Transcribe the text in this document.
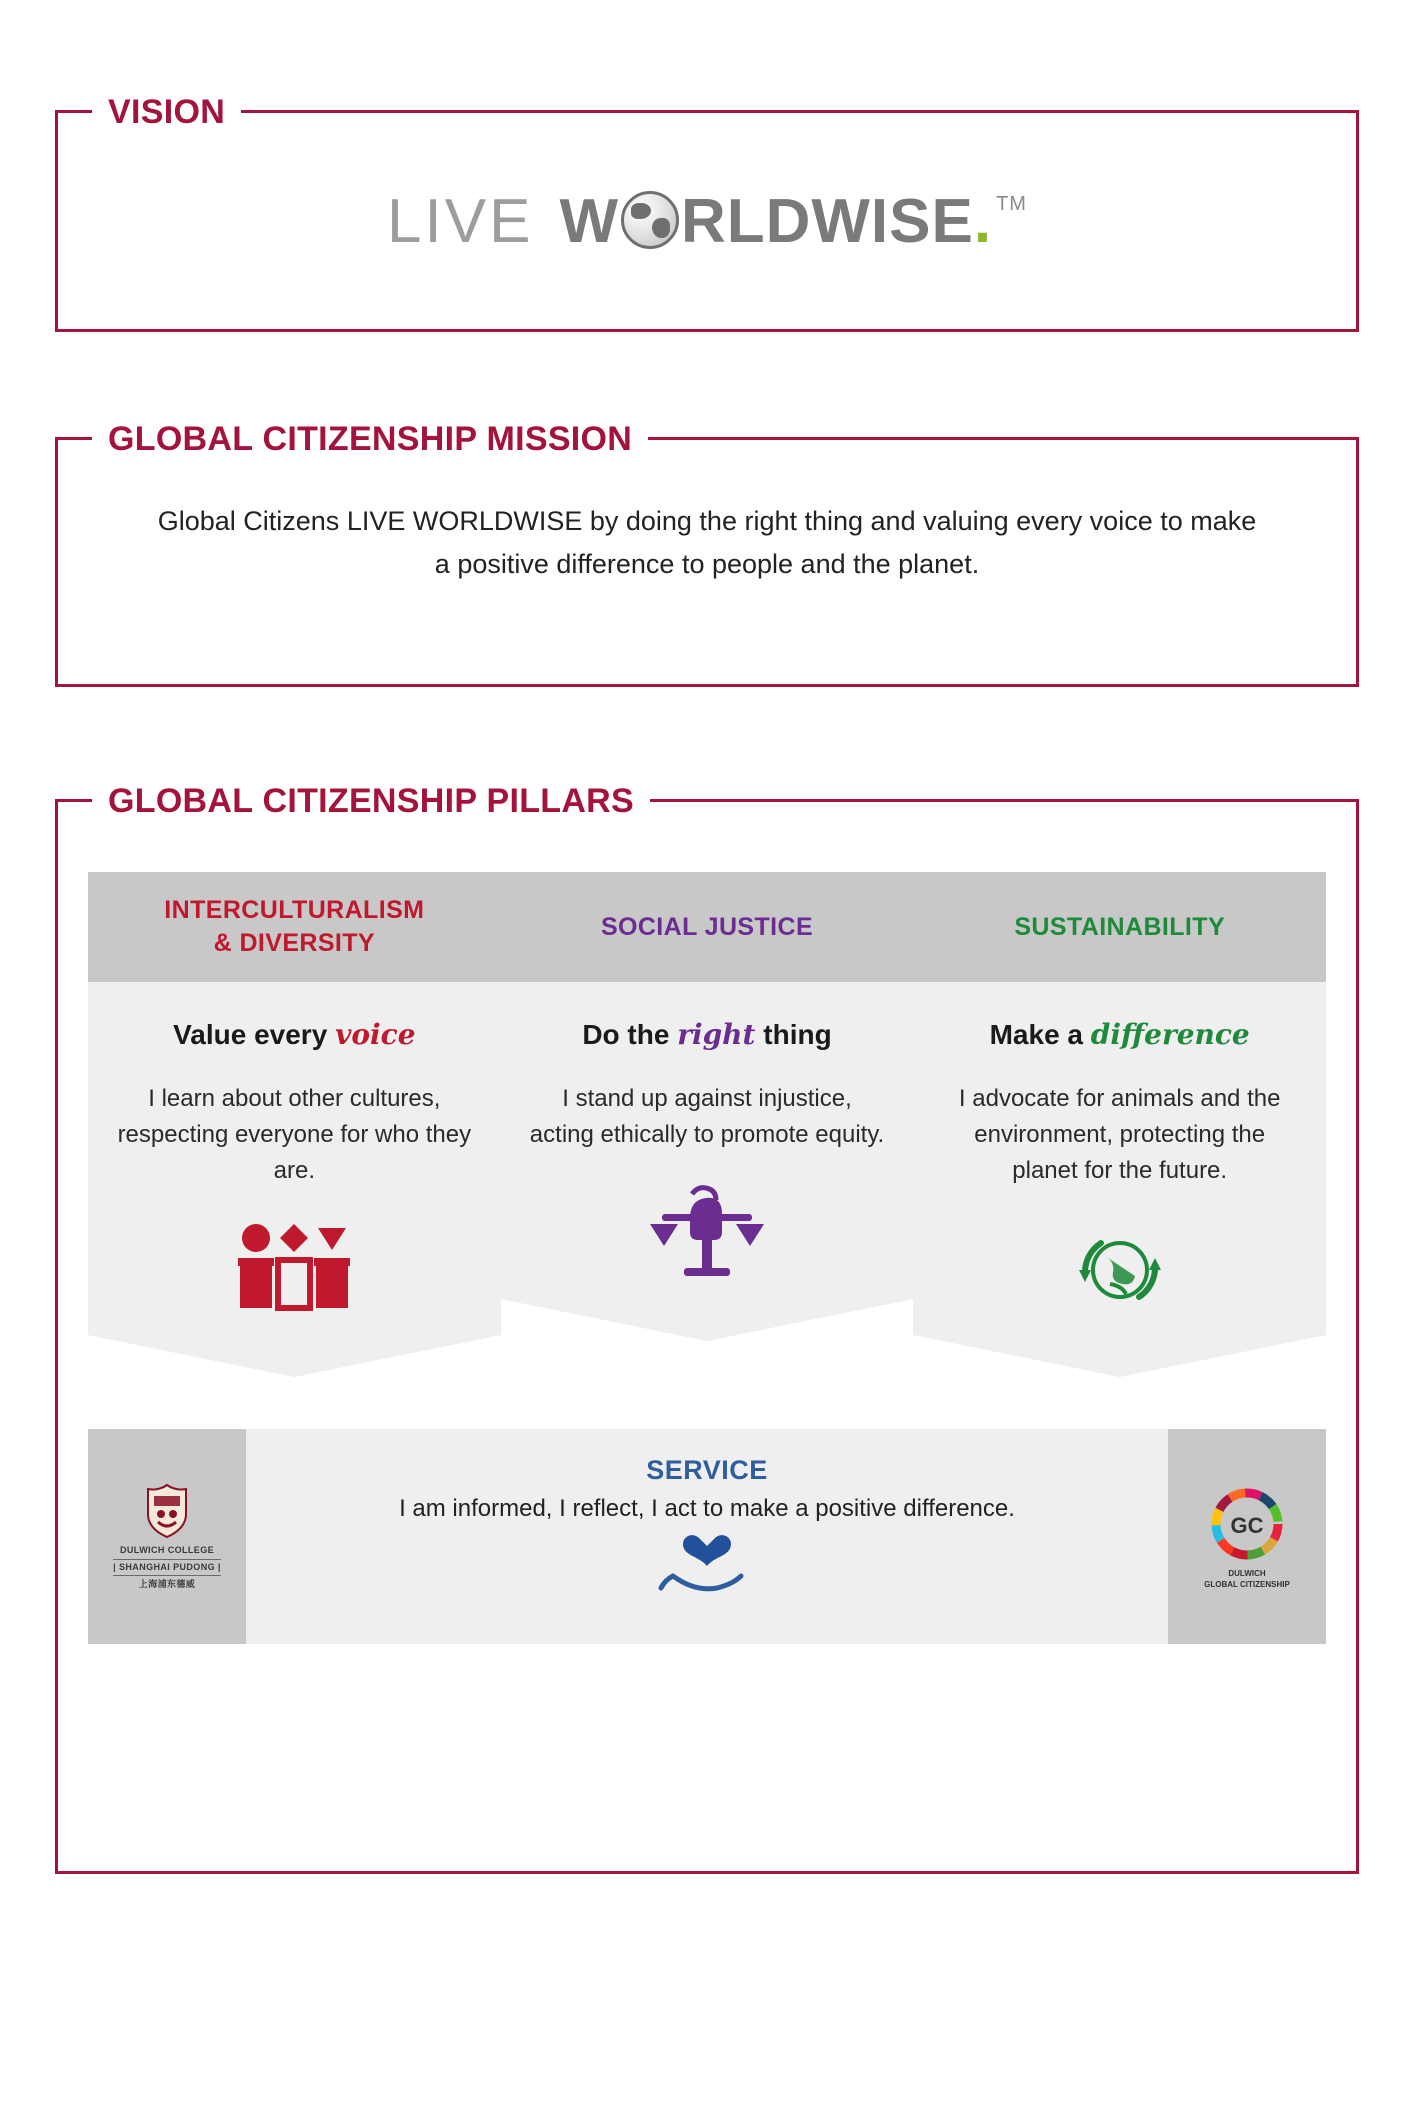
VISION
LIVE W RLDWISE. ™
GLOBAL CITIZENSHIP MISSION
Global Citizens LIVE WORLDWISE by doing the right thing and valuing every voice to make a positive difference to people and the planet.
GLOBAL CITIZENSHIP PILLARS
INTERCULTURALISM
& DIVERSITY
Value every voice
I learn about other cultures, respecting everyone for who they are.
SOCIAL JUSTICE
Do the right thing
I stand up against injustice, acting ethically to promote equity.
SUSTAINABILITY
Make a difference
I advocate for animals and the environment, protecting the planet for the future.
DULWICH COLLEGE
| SHANGHAI PUDONG |
上海浦东德威
SERVICE
I am informed, I reflect, I act to make a positive difference.
GC
DULWICH
GLOBAL CITIZENSHIP
